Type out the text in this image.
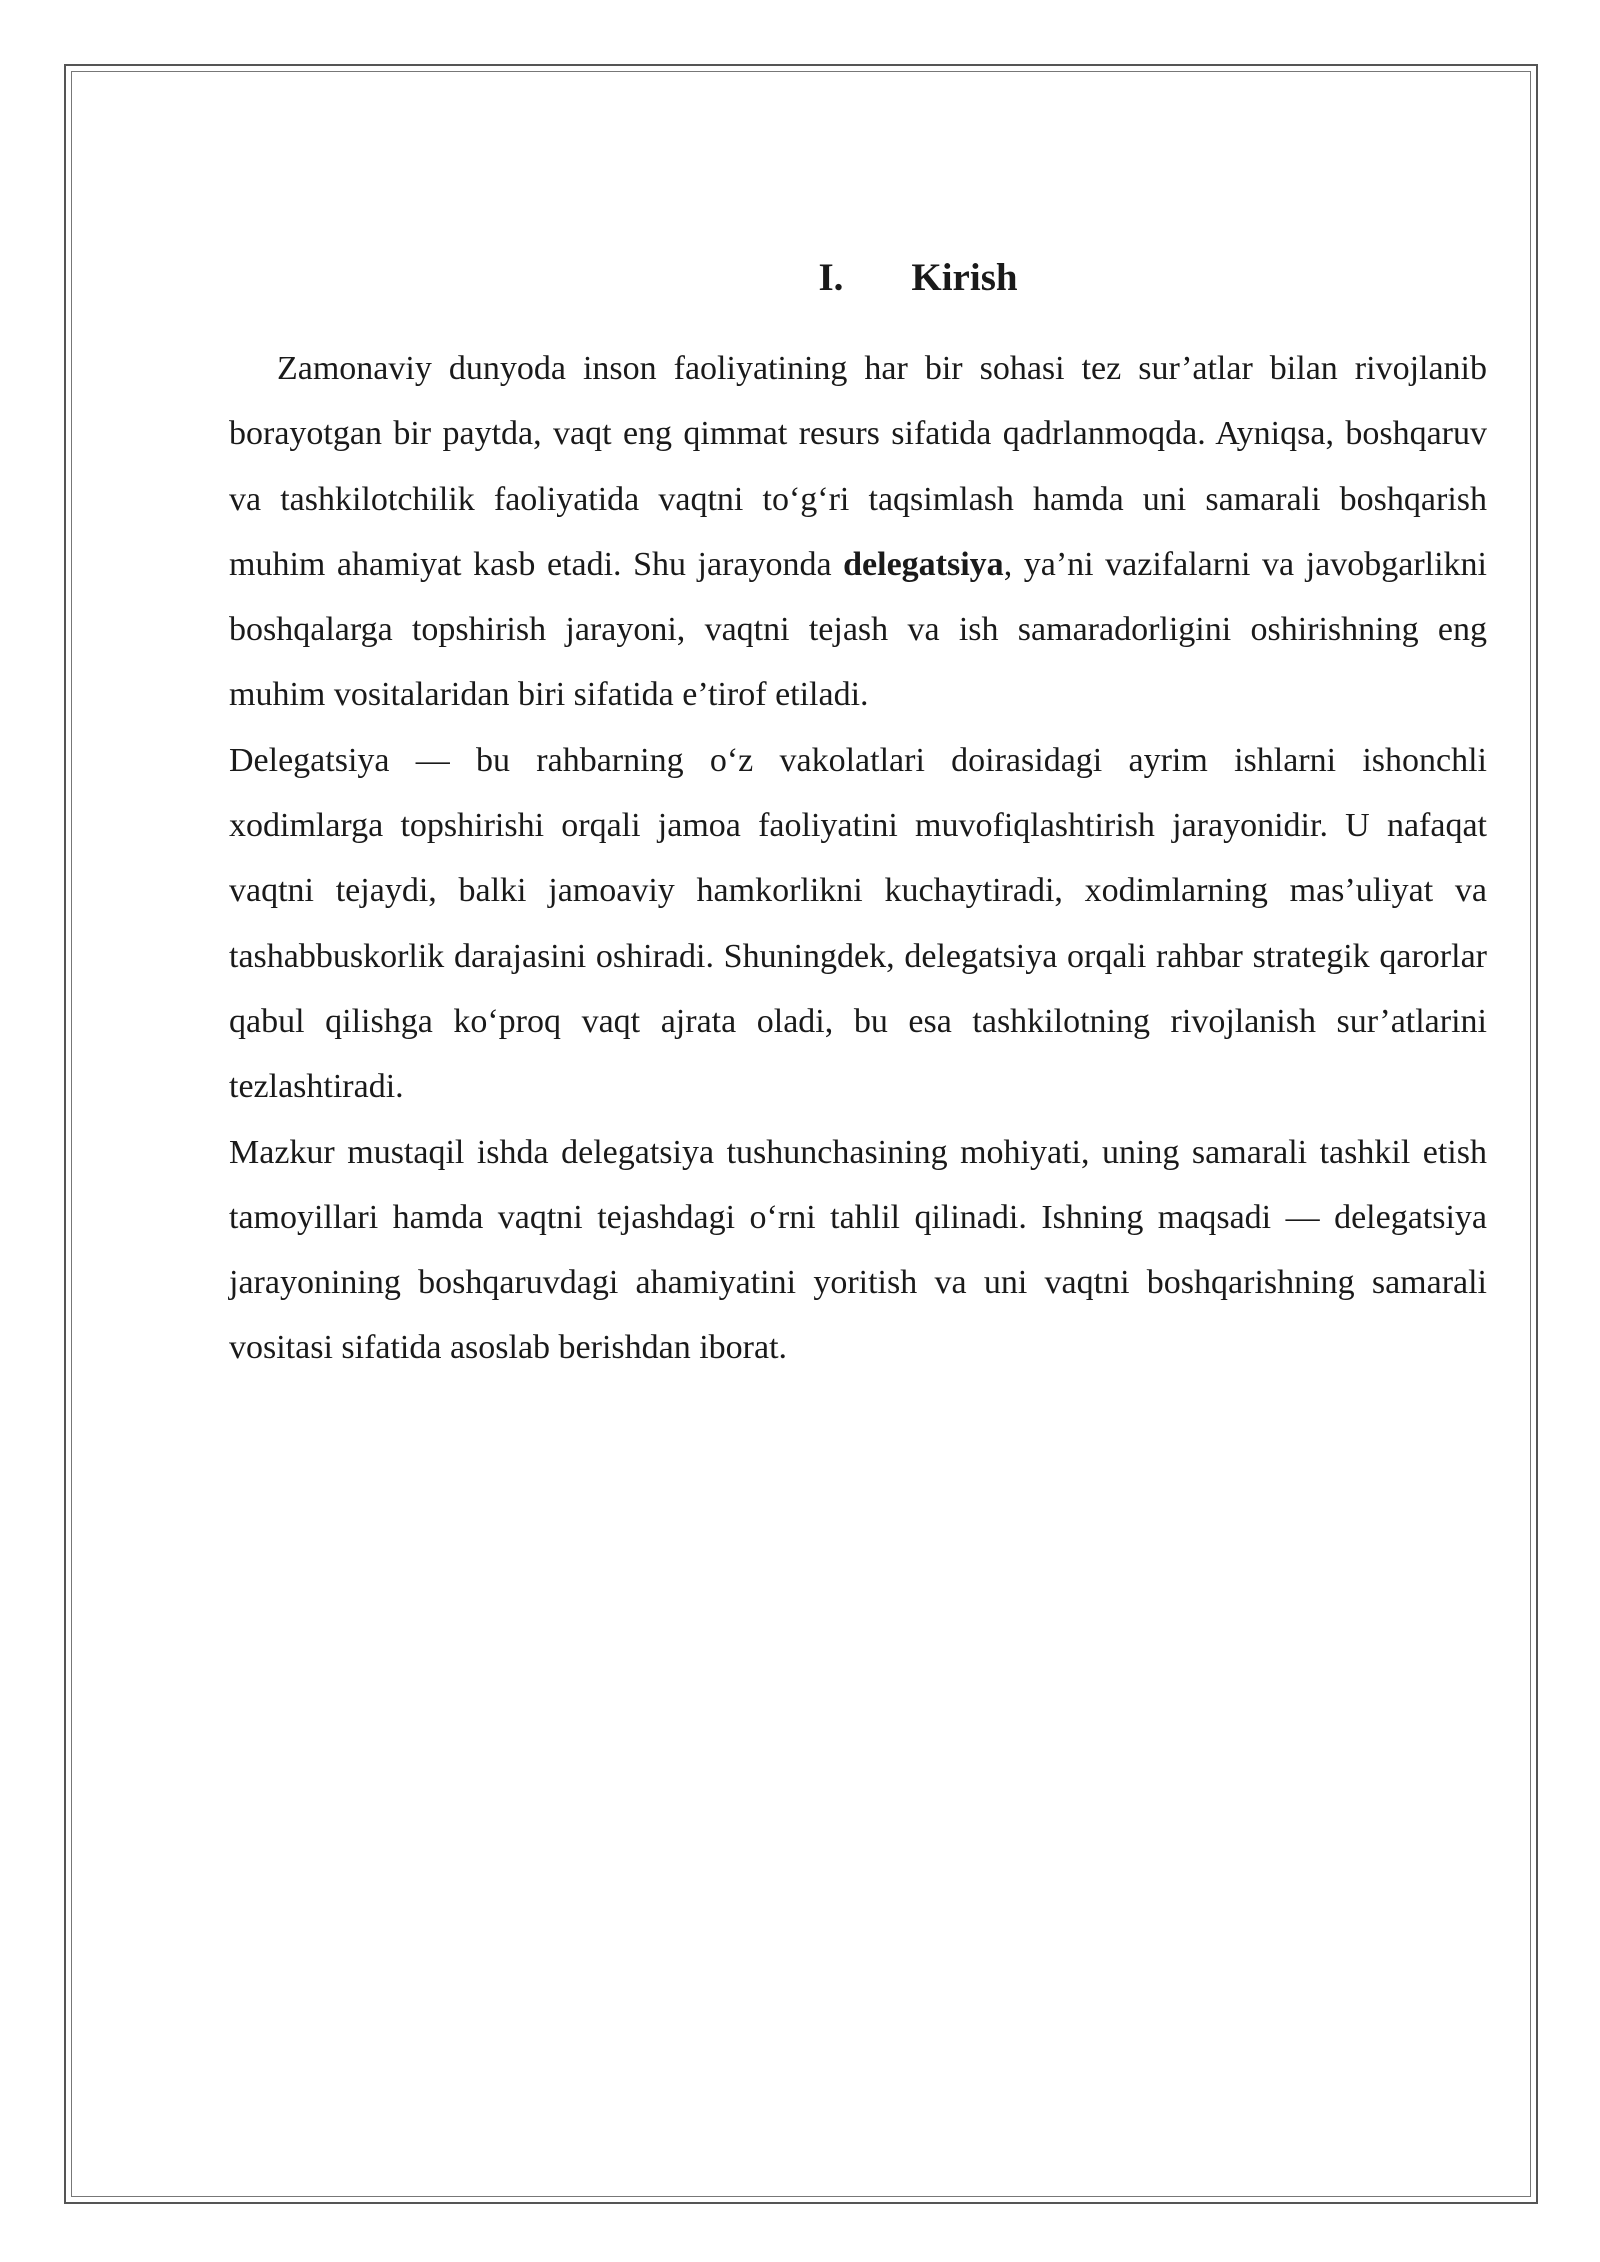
I. Kirish

Zamonaviy dunyoda inson faoliyatining har bir sohasi tez sur’atlar bilan rivojlanib borayotgan bir paytda, vaqt eng qimmat resurs sifatida qadrlanmoqda. Ayniqsa, boshqaruv va tashkilotchilik faoliyatida vaqtni to‘g‘ri taqsimlash hamda uni samarali boshqarish muhim ahamiyat kasb etadi. Shu jarayonda delegatsiya, ya’ni vazifalarni va javobgarlikni boshqalarga topshirish jarayoni, vaqtni tejash va ish samaradorligini oshirishning eng muhim vositalaridan biri sifatida e’tirof etiladi.

Delegatsiya — bu rahbarning o‘z vakolatlari doirasidagi ayrim ishlarni ishonchli xodimlarga topshirishi orqali jamoa faoliyatini muvofiqlashtirish jarayonidir. U nafaqat vaqtni tejaydi, balki jamoaviy hamkorlikni kuchaytiradi, xodimlarning mas’uliyat va tashabbuskorlik darajasini oshiradi. Shuningdek, delegatsiya orqali rahbar strategik qarorlar qabul qilishga ko‘proq vaqt ajrata oladi, bu esa tashkilotning rivojlanish sur’atlarini tezlashtiradi.

Mazkur mustaqil ishda delegatsiya tushunchasining mohiyati, uning samarali tashkil etish tamoyillari hamda vaqtni tejashdagi o‘rni tahlil qilinadi. Ishning maqsadi — delegatsiya jarayonining boshqaruvdagi ahamiyatini yoritish va uni vaqtni boshqarishning samarali vositasi sifatida asoslab berishdan iborat.
